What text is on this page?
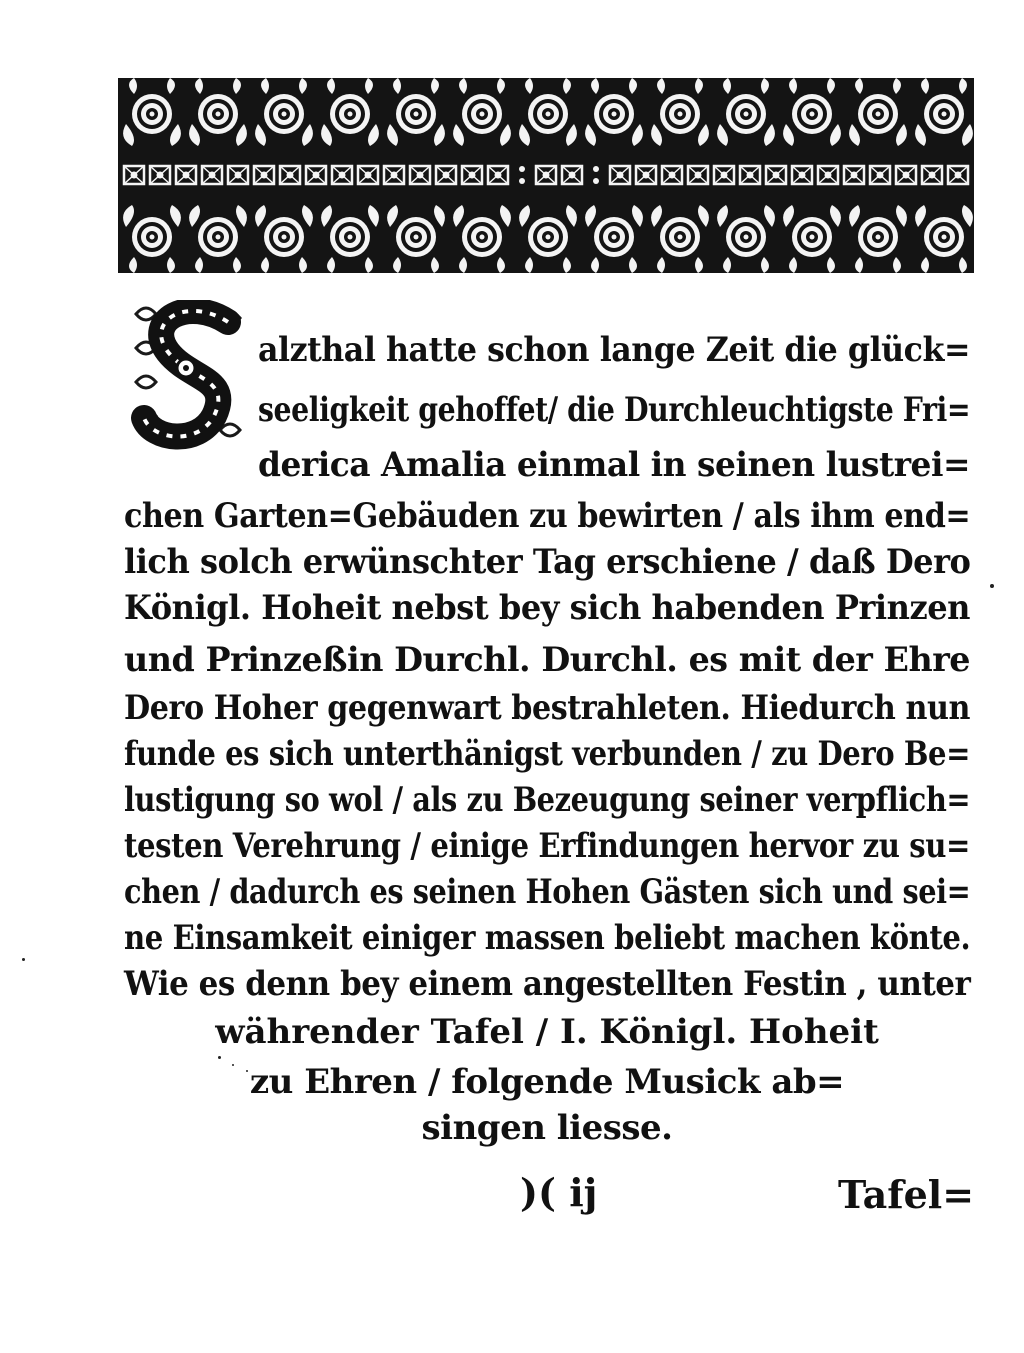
alzthal hatte schon lange Zeit die glück=
seeligkeit gehoffet/ die Durchleuchtigste Fri=
derica Amalia einmal in seinen lustrei=
chen Garten=Gebäuden zu bewirten / als ihm end=
lich solch erwünschter Tag erschiene / daß Dero
Königl. Hoheit nebst bey sich habenden Prinzen
und Prinzeßin Durchl. Durchl. es mit der Ehre
Dero Hoher gegenwart bestrahleten. Hiedurch nun
funde es sich unterthänigst verbunden / zu Dero Be=
lustigung so wol / als zu Bezeugung seiner verpflich=
testen Verehrung / einige Erfindungen hervor zu su=
chen / dadurch es seinen Hohen Gästen sich und sei=
ne Einsamkeit einiger massen beliebt machen könte.
Wie es denn bey einem angestellten Festin , unter
währender Tafel / I. Königl. Hoheit
zu Ehren / folgende Musick ab=
singen liesse.
)( ij	Tafel=
